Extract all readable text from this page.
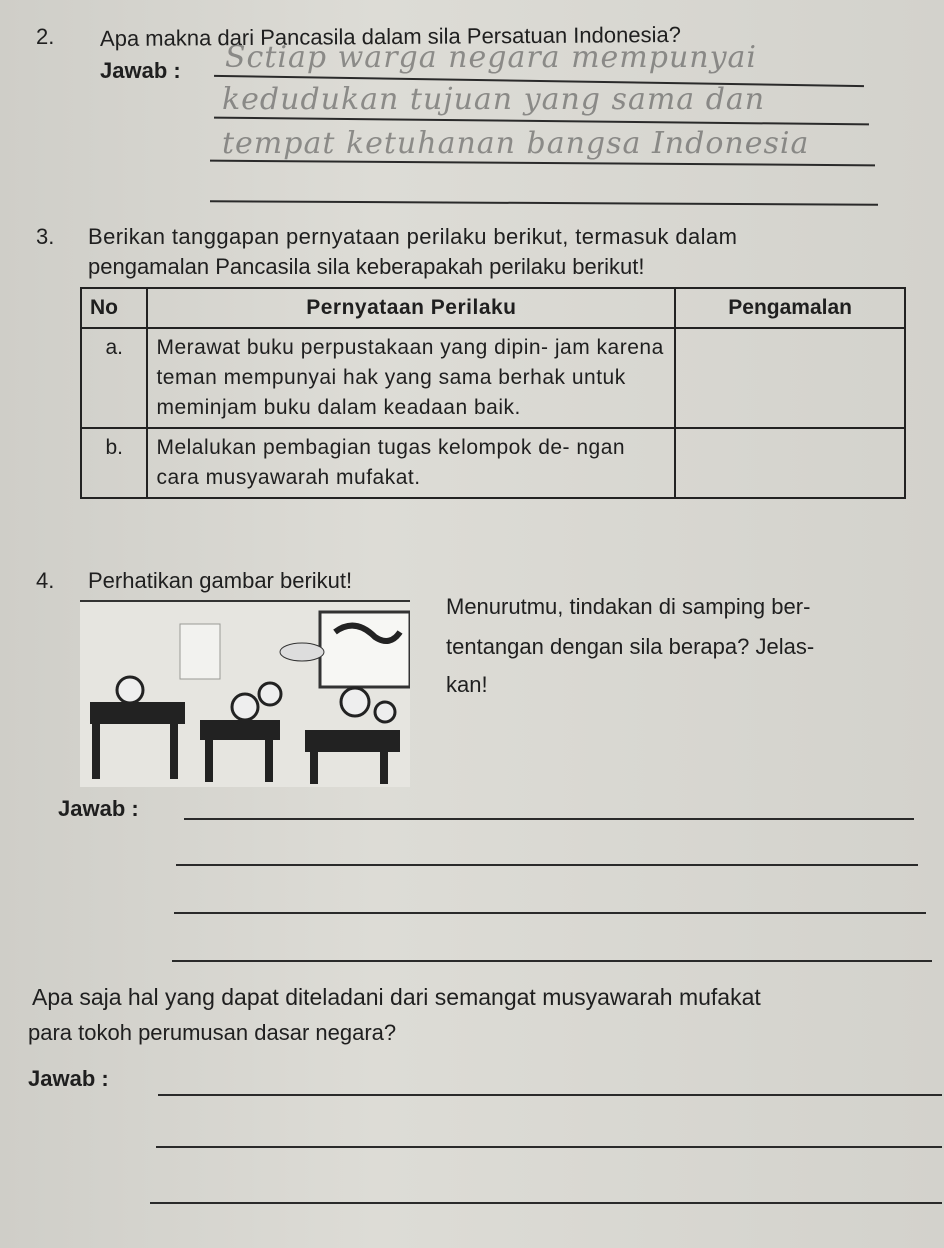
2. Apa makna dari Pancasila dalam sila Persatuan Indonesia?
Jawab : Sctiap warga negara mempunyai
kedudukan tujuan yang sama dan
tempat ketuhanan bangsa Indonesia
3. Berikan tanggapan pernyataan perilaku berikut, termasuk dalam
pengamalan Pancasila sila keberapakah perilaku berikut!
No	Pernyataan Perilaku	Pengamalan
a.	Merawat buku perpustakaan yang dipin- jam karena teman mempunyai hak yang sama berhak untuk meminjam buku dalam keadaan baik.	
b.	Melalukan pembagian tugas kelompok de- ngan cara musyawarah mufakat.	
4. Perhatikan gambar berikut!
Menurutmu, tindakan di samping ber-
tentangan dengan sila berapa? Jelas-
kan!
Jawab :
Apa saja hal yang dapat diteladani dari semangat musyawarah mufakat
para tokoh perumusan dasar negara?
Jawab :
